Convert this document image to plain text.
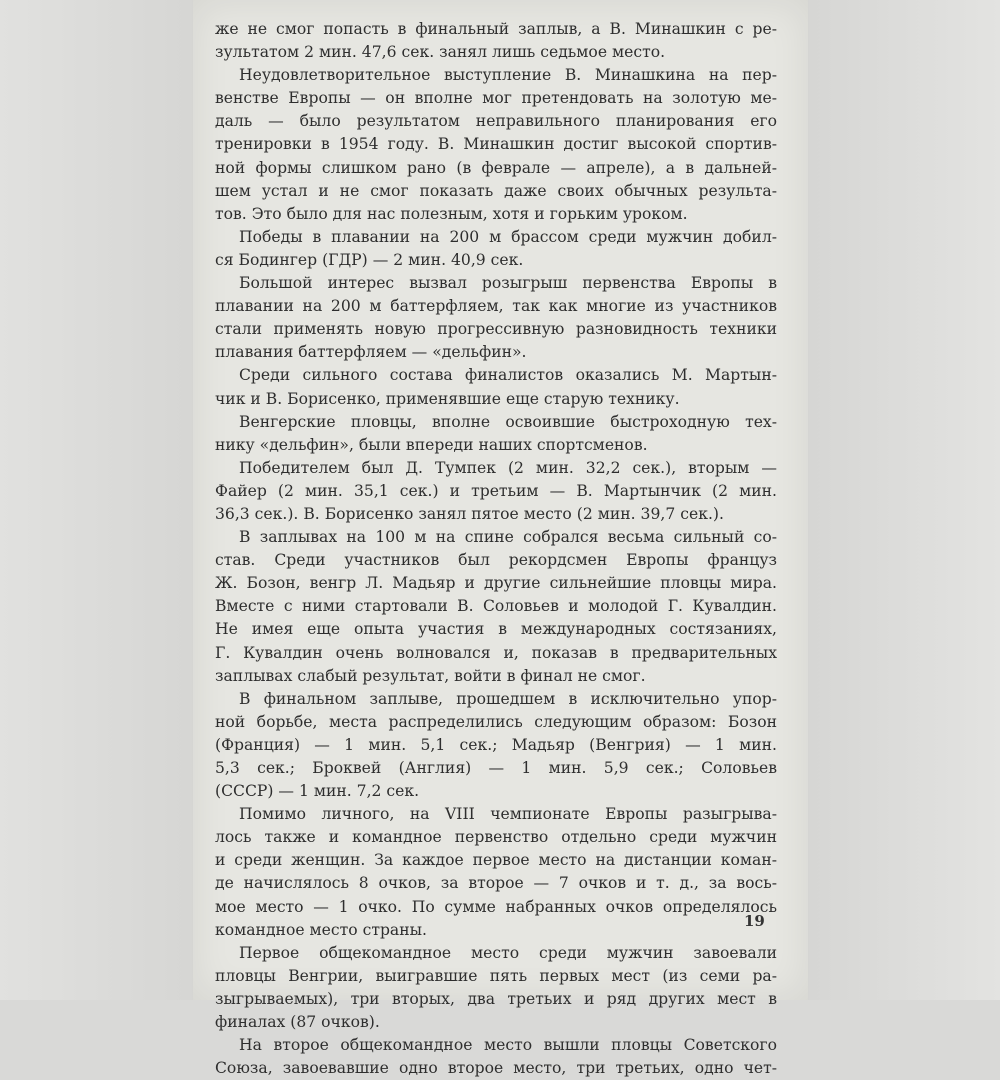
же не смог попасть в финальный заплыв, а В. Минашкин с ре-
зультатом 2 мин. 47,6 сек. занял лишь седьмое место.
Неудовлетворительное выступление В. Минашкина на пер-
венстве Европы — он вполне мог претендовать на золотую ме-
даль — было результатом неправильного планирования его
тренировки в 1954 году. В. Минашкин достиг высокой спортив-
ной формы слишком рано (в феврале — апреле), а в дальней-
шем устал и не смог показать даже своих обычных результа-
тов. Это было для нас полезным, хотя и горьким уроком.
Победы в плавании на 200 м брассом среди мужчин добил-
ся Бодингер (ГДР) — 2 мин. 40,9 сек.
Большой интерес вызвал розыгрыш первенства Европы в
плавании на 200 м баттерфляем, так как многие из участников
стали применять новую прогрессивную разновидность техники
плавания баттерфляем — «дельфин».
Среди сильного состава финалистов оказались М. Мартын-
чик и В. Борисенко, применявшие еще старую технику.
Венгерские пловцы, вполне освоившие быстроходную тех-
нику «дельфин», были впереди наших спортсменов.
Победителем был Д. Тумпек (2 мин. 32,2 сек.), вторым —
Файер (2 мин. 35,1 сек.) и третьим — В. Мартынчик (2 мин.
36,3 сек.). В. Борисенко занял пятое место (2 мин. 39,7 сек.).
В заплывах на 100 м на спине собрался весьма сильный со-
став. Среди участников был рекордсмен Европы француз
Ж. Бозон, венгр Л. Мадьяр и другие сильнейшие пловцы мира.
Вместе с ними стартовали В. Соловьев и молодой Г. Кувалдин.
Не имея еще опыта участия в международных состязаниях,
Г. Кувалдин очень волновался и, показав в предварительных
заплывах слабый результат, войти в финал не смог.
В финальном заплыве, прошедшем в исключительно упор-
ной борьбе, места распределились следующим образом: Бозон
(Франция) — 1 мин. 5,1 сек.; Мадьяр (Венгрия) — 1 мин.
5,3 сек.; Броквей (Англия) — 1 мин. 5,9 сек.; Соловьев
(СССР) — 1 мин. 7,2 сек.
Помимо личного, на VIII чемпионате Европы разыгрыва-
лось также и командное первенство отдельно среди мужчин
и среди женщин. За каждое первое место на дистанции коман-
де начислялось 8 очков, за второе — 7 очков и т. д., за вось-
мое место — 1 очко. По сумме набранных очков определялось
командное место страны.
Первое общекомандное место среди мужчин завоевали
пловцы Венгрии, выигравшие пять первых мест (из семи ра-
зыгрываемых), три вторых, два третьих и ряд других мест в
финалах (87 очков).
На второе общекомандное место вышли пловцы Советского
Союза, завоевавшие одно второе место, три третьих, одно чет-
19
